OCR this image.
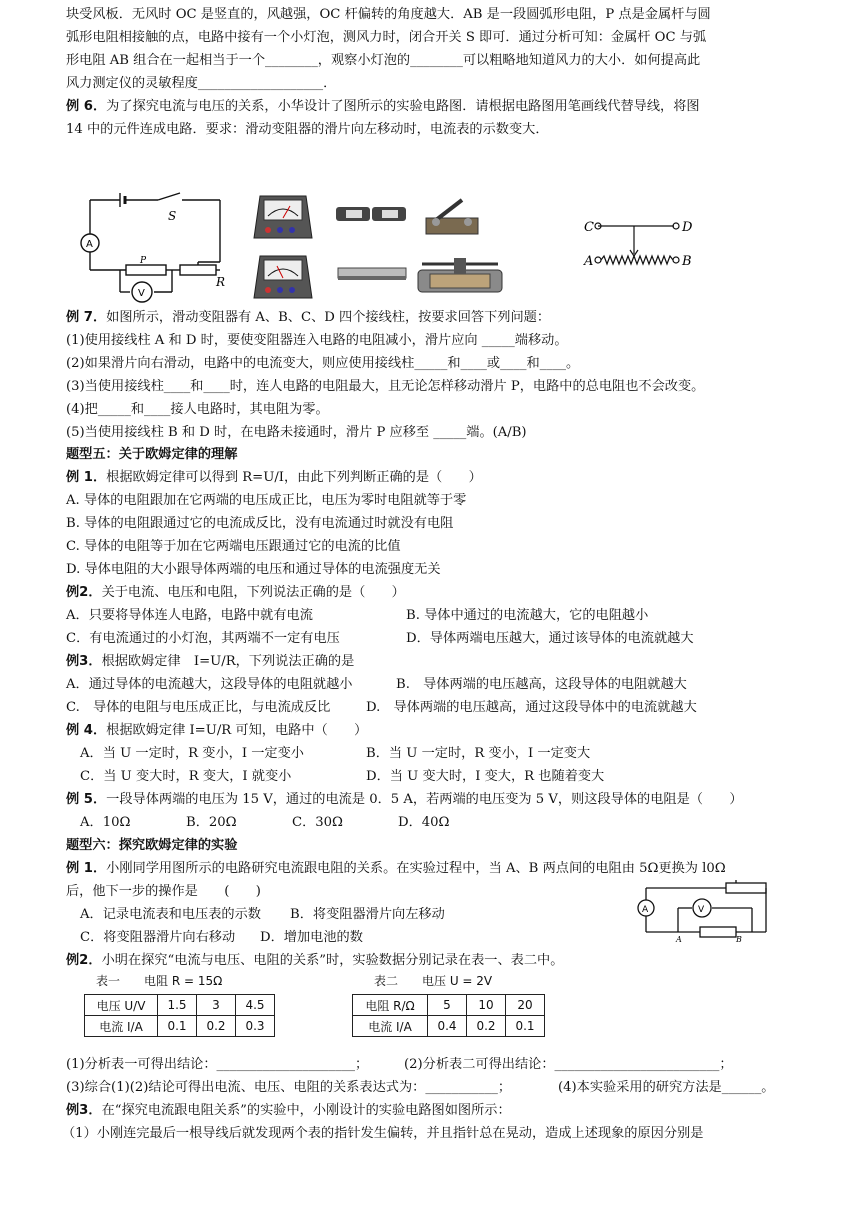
块受风板．无风时 OC 是竖直的，风越强，OC 杆偏转的角度越大．AB 是一段圆弧形电阻，P 点是金属杆与圆
弧形电阻相接触的点，电路中接有一个小灯泡，测风力时，闭合开关 S 即可．通过分析可知：金属杆 OC 与弧
形电阻 AB 组合在一起相当于一个________，观察小灯泡的________可以粗略地知道风力的大小．如何提高此
风力测定仪的灵敏程度___________________．
例 6．为了探究电流与电压的关系，小华设计了图所示的实验电路图．请根据电路图用笔画线代替导线，将图
14 中的元件连成电路．要求：滑动变阻器的滑片向左移动时，电流表的示数变大．
A
V
S
R
P
C	D
A	B
例 7．如图所示，滑动变阻器有 A、B、C、D 四个接线柱，按要求回答下列问题：
(1)使用接线柱 A 和 D 时，要使变阻器连入电路的电阻减小，滑片应向 _____端移动。
(2)如果滑片向右滑动，电路中的电流变大，则应使用接线柱_____和____或____和____。
(3)当使用接线柱____和____时，连人电路的电阻最大，且无论怎样移动滑片 P，电路中的总电阻也不会改变。
(4)把_____和____接人电路时，其电阻为零。
(5)当使用接线柱 B 和 D 时，在电路未接通时，滑片 P 应移至 _____端。(A/B)
题型五：关于欧姆定律的理解
例 1．根据欧姆定律可以得到 R=U/I，由此下列判断正确的是（　　）
A. 导体的电阻跟加在它两端的电压成正比，电压为零时电阻就等于零
B. 导体的电阻跟通过它的电流成反比，没有电流通过时就没有电阻
C. 导体的电阻等于加在它两端电压跟通过它的电流的比值
D. 导体电阻的大小跟导体两端的电压和通过导体的电流强度无关
例2．关于电流、电压和电阻，下列说法正确的是（　　）
A．只要将导体连人电路，电路中就有电流	B. 导体中通过的电流越大，它的电阻越小
C．有电流通过的小灯泡，其两端不一定有电压	D．导体两端电压越大，通过该导体的电流就越大
例3．根据欧姆定律　I=U/R，下列说法正确的是
A．通过导体的电流越大，这段导体的电阻就越小	B.　导体两端的电压越高，这段导体的电阻就越大
C.　导体的电阻与电压成正比，与电流成反比	D.　导体两端的电压越高，通过这段导体中的电流就越大
例 4．根据欧姆定律 I=U/R 可知，电路中（　　）
A．当 U 一定时，R 变小，I 一定变小	B．当 U 一定时，R 变小，I 一定变大
C．当 U 变大时，R 变大，I 就变小	D．当 U 变大时，I 变大，R 也随着变大
例 5．一段导体两端的电压为 15 V，通过的电流是 0．5 A，若两端的电压变为 5 V，则这段导体的电阻是（　　）
A．10Ω	B．20Ω	C．30Ω	D．40Ω
题型六：探究欧姆定律的实验
例 1．小刚同学用图所示的电路研究电流跟电阻的关系。在实验过程中，当 A、B 两点间的电阻由 5Ω更换为 l0Ω
后，他下一步的操作是　　(　　)
A．记录电流表和电压表的示数 B．将变阻器滑片向左移动
C．将变阻器滑片向右移动 D．增加电池的数
A	V
A	B
例2．小明在探究“电流与电压、电阻的关系”时，实验数据分别记录在表一、表二中。
表一　　电阻 R = 15Ω
电压 U/V	1.5	3	4.5
电流 I/A	0.1	0.2	0.3
表二　　电压 U = 2V
电阻 R/Ω	5	10	20
电流 I/A	0.4	0.2	0.1
(1)分析表一可得出结论：_____________________；	(2)分析表二可得出结论：_________________________；
(3)综合(1)(2)结论可得出电流、电压、电阻的关系表达式为：___________；	(4)本实验采用的研究方法是______。
例3．在“探究电流跟电阻关系”的实验中，小刚设计的实验电路图如图所示：
（1）小刚连完最后一根导线后就发现两个表的指针发生偏转，并且指针总在晃动，造成上述现象的原因分别是
